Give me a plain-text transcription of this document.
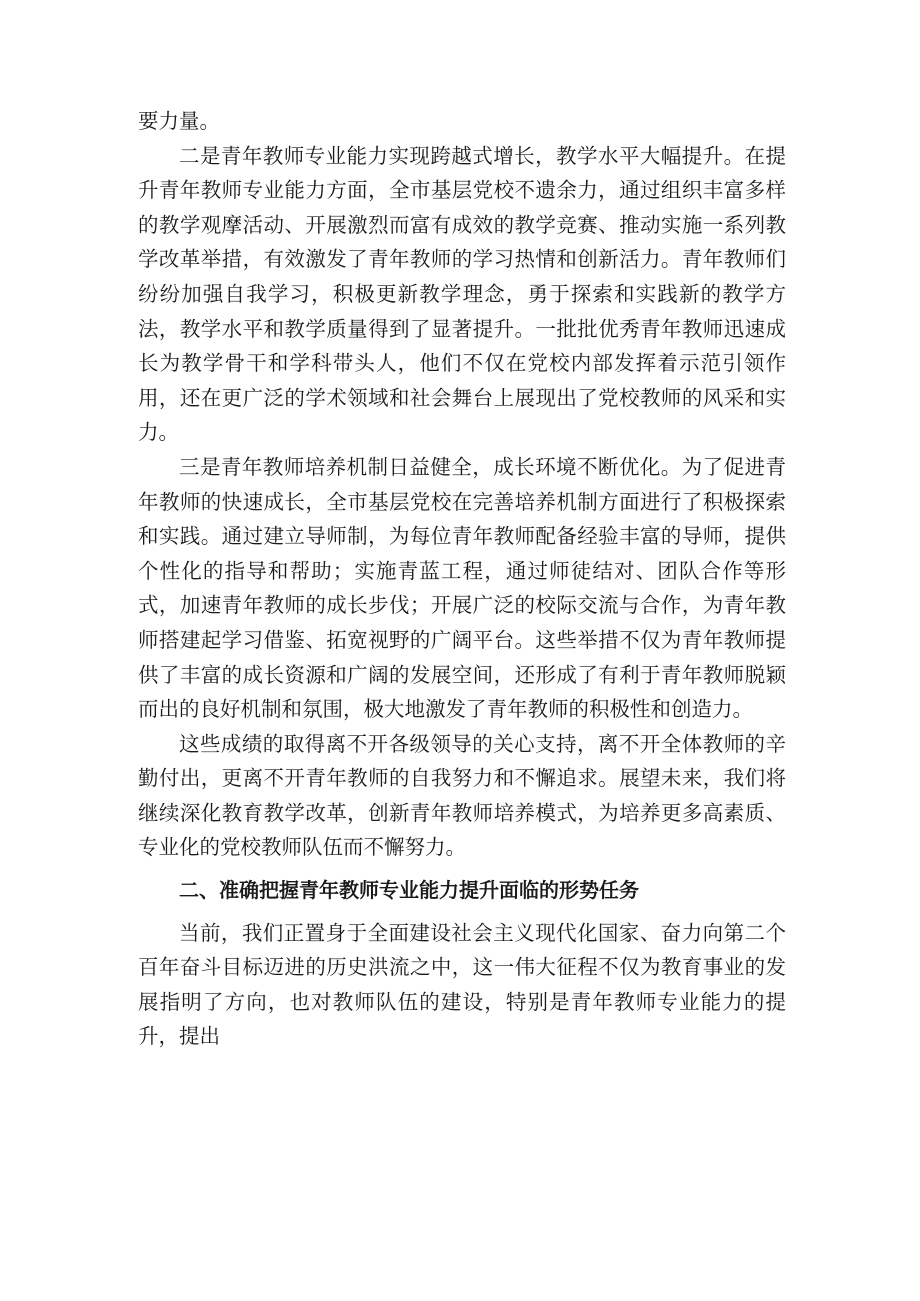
要力量。

二是青年教师专业能力实现跨越式增长，教学水平大幅提升。在提升青年教师专业能力方面，全市基层党校不遗余力，通过组织丰富多样的教学观摩活动、开展激烈而富有成效的教学竞赛、推动实施一系列教学改革举措，有效激发了青年教师的学习热情和创新活力。青年教师们纷纷加强自我学习，积极更新教学理念，勇于探索和实践新的教学方法，教学水平和教学质量得到了显著提升。一批批优秀青年教师迅速成长为教学骨干和学科带头人，他们不仅在党校内部发挥着示范引领作用，还在更广泛的学术领域和社会舞台上展现出了党校教师的风采和实力。

三是青年教师培养机制日益健全，成长环境不断优化。为了促进青年教师的快速成长，全市基层党校在完善培养机制方面进行了积极探索和实践。通过建立导师制，为每位青年教师配备经验丰富的导师，提供个性化的指导和帮助；实施青蓝工程，通过师徒结对、团队合作等形式，加速青年教师的成长步伐；开展广泛的校际交流与合作，为青年教师搭建起学习借鉴、拓宽视野的广阔平台。这些举措不仅为青年教师提供了丰富的成长资源和广阔的发展空间，还形成了有利于青年教师脱颖而出的良好机制和氛围，极大地激发了青年教师的积极性和创造力。

这些成绩的取得离不开各级领导的关心支持，离不开全体教师的辛勤付出，更离不开青年教师的自我努力和不懈追求。展望未来，我们将继续深化教育教学改革，创新青年教师培养模式，为培养更多高素质、专业化的党校教师队伍而不懈努力。

二、准确把握青年教师专业能力提升面临的形势任务

当前，我们正置身于全面建设社会主义现代化国家、奋力向第二个百年奋斗目标迈进的历史洪流之中，这一伟大征程不仅为教育事业的发展指明了方向，也对教师队伍的建设，特别是青年教师专业能力的提升，提出
